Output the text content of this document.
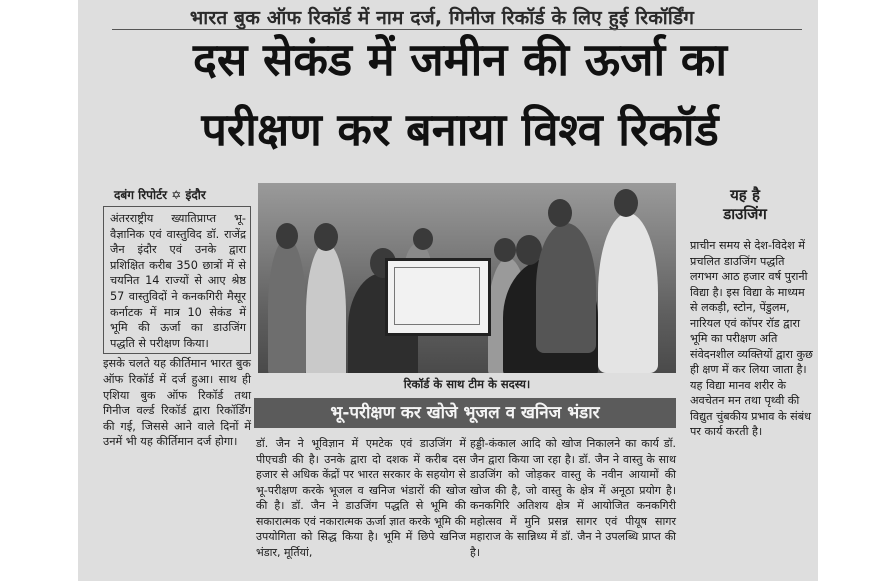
भारत बुक ऑफ रिकॉर्ड में नाम दर्ज, गिनीज रिकॉर्ड के लिए हुई रिकॉर्डिंग
दस सेकंड में जमीन की ऊर्जा का
परीक्षण कर बनाया विश्व रिकॉर्ड
दबंग रिपोर्टर ✡ इंदौर

अंतरराष्ट्रीय ख्यातिप्राप्त भू-वैज्ञानिक एवं वास्तुविद डॉ. राजेंद्र जैन इंदौर एवं उनके द्वारा प्रशिक्षित करीब 350 छात्रों में से चयनित 14 राज्यों से आए श्रेष्ठ 57 वास्तुविदों ने कनकगिरी मैसूर कर्नाटक में मात्र 10 सेकंड में भूमि की ऊर्जा का डाउजिंग पद्धति से परीक्षण किया।

इसके चलते यह कीर्तिमान भारत बुक ऑफ रिकॉर्ड में दर्ज हुआ। साथ ही एशिया बुक ऑफ रिकॉर्ड तथा गिनीज वर्ल्ड रिकॉर्ड द्वारा रिकॉर्डिंग की गई, जिससे आने वाले दिनों में उनमें भी यह कीर्तिमान दर्ज होगा।

रिकॉर्ड के साथ टीम के सदस्य।
भू-परीक्षण कर खोजे भूजल व खनिज भंडार
डॉ. जैन ने भूविज्ञान में एमटेक एवं डाउजिंग में पीएचडी की है। उनके द्वारा दो दशक में करीब दस हजार से अधिक केंद्रों पर भारत सरकार के सहयोग से भू-परीक्षण करके भूजल व खनिज भंडारों की खोज की है। डॉ. जैन ने डाउजिंग पद्धति से भूमि की सकारात्मक एवं नकारात्मक ऊर्जा ज्ञात करके भूमि की उपयोगिता को सिद्ध किया है। भूमि में छिपे खनिज भंडार, मूर्तियां,
हड्डी-कंकाल आदि को खोज निकालने का कार्य डॉ. जैन द्वारा किया जा रहा है। डॉ. जैन ने वास्तु के साथ डाउजिंग को जोड़कर वास्तु के नवीन आयामों की खोज की है, जो वास्तु के क्षेत्र में अनूठा प्रयोग है। कनकगिरि अतिशय क्षेत्र में आयोजित कनकगिरी महोत्सव में मुनि प्रसन्न सागर एवं पीयूष सागर महाराज के सान्निध्य में डॉ. जैन ने उपलब्धि प्राप्त की है।
यह है
डाउजिंग
प्राचीन समय से देश-विदेश में प्रचलित डाउजिंग पद्धति लगभग आठ हजार वर्ष पुरानी विद्या है। इस विद्या के माध्यम से लकड़ी, स्टोन, पेंडुलम, नारियल एवं कॉपर रॉड द्वारा भूमि का परीक्षण अति संवेदनशील व्यक्तियों द्वारा कुछ ही क्षण में कर लिया जाता है। यह विद्या मानव शरीर के अवचेतन मन तथा पृथ्वी की विद्युत चुंबकीय प्रभाव के संबंध पर कार्य करती है।
